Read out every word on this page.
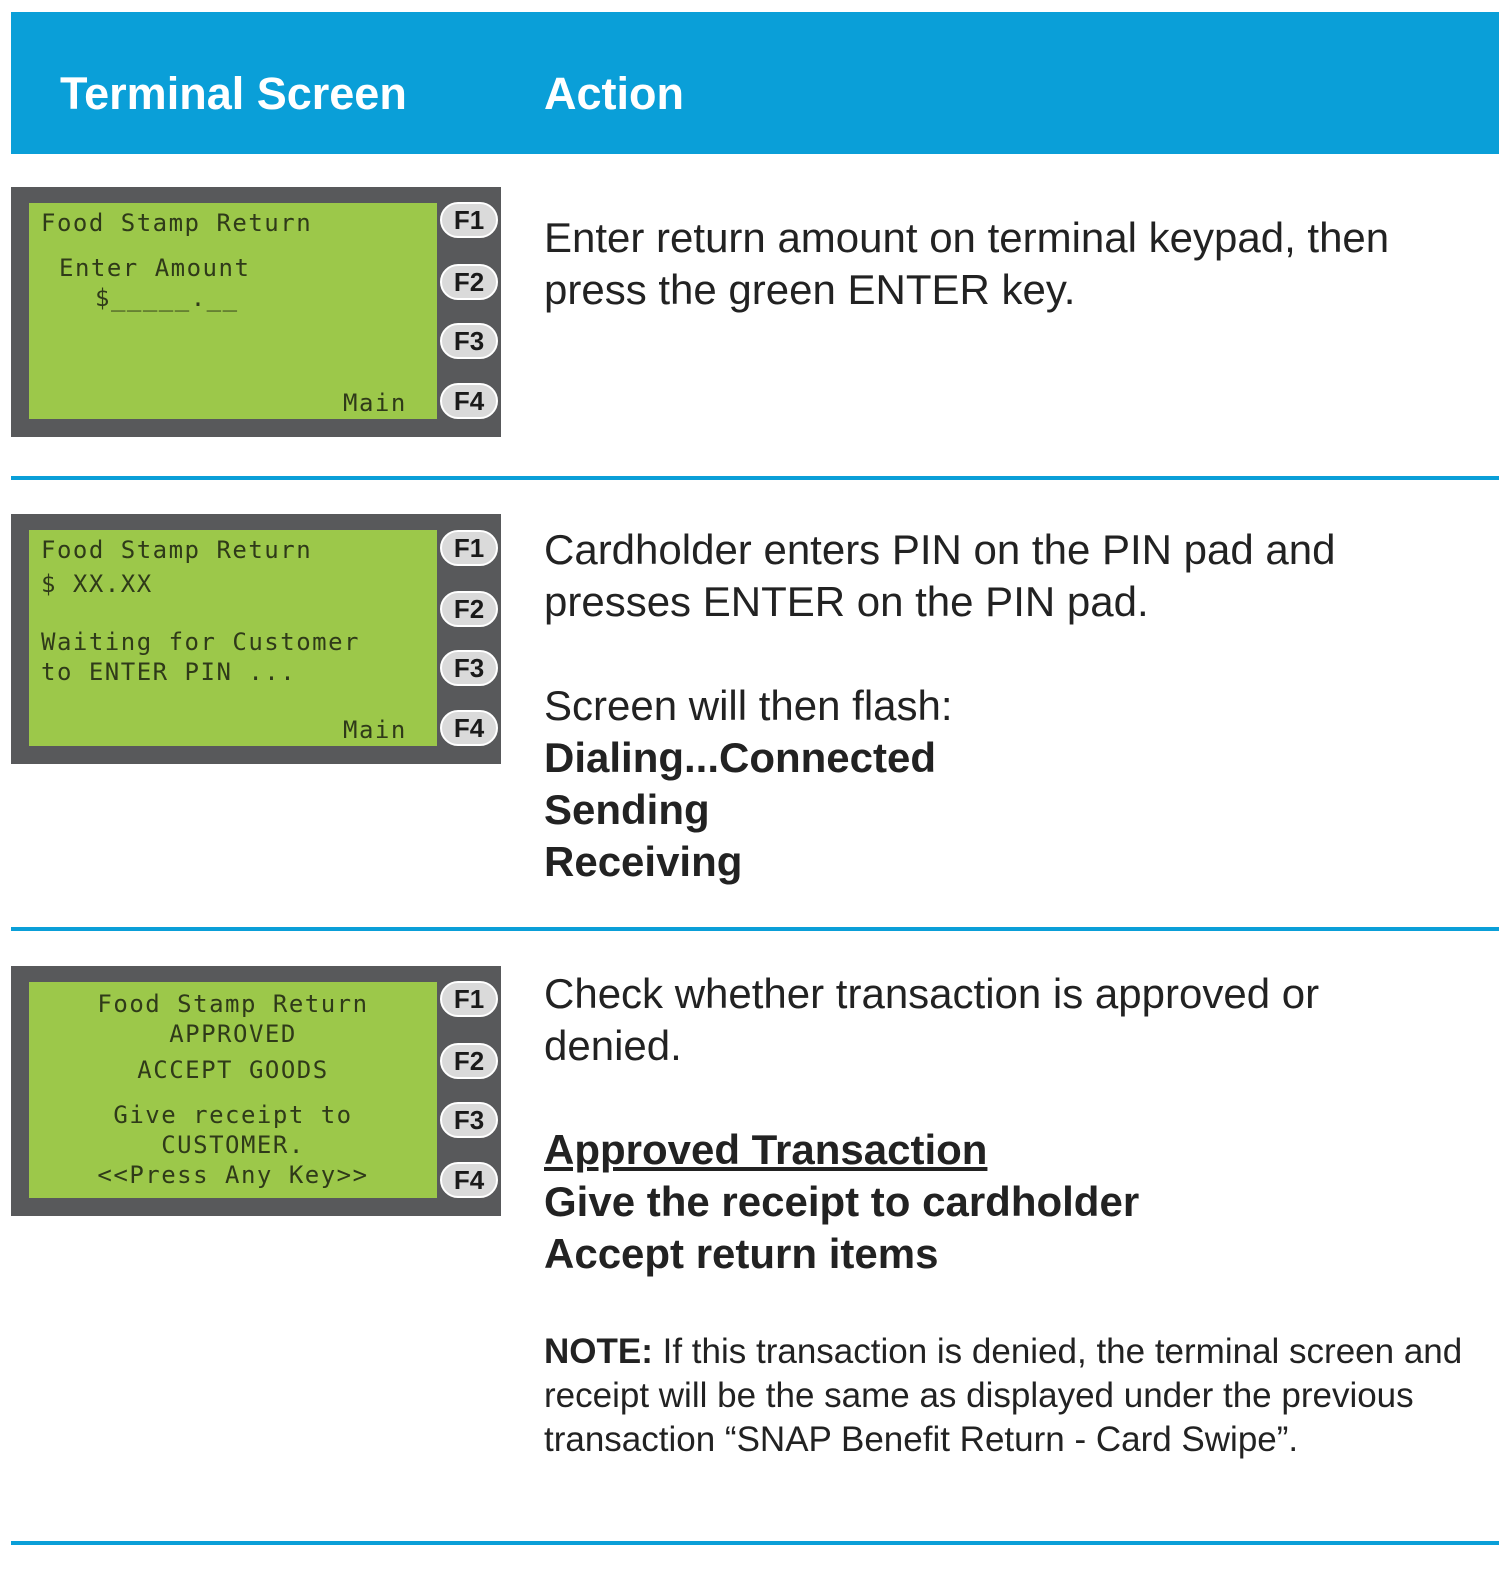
Terminal Screen	Action
Food Stamp Return
Enter Amount
$_____.__
Main
F1
F2
F3
F4

Enter return amount on terminal keypad, then press the green ENTER key.

Food Stamp Return
$ XX.XX
Waiting for Customer
to ENTER PIN ...
Main
F1
F2
F3
F4

Cardholder enters PIN on the PIN pad and presses ENTER on the PIN pad.

Screen will then flash:

Dialing...Connected

Sending

Receiving

Food Stamp Return
APPROVED
ACCEPT GOODS
Give receipt to
CUSTOMER.
<<Press Any Key>>
F1
F2
F3
F4

Check whether transaction is approved or denied.

Approved Transaction

Give the receipt to cardholder

Accept return items

NOTE: If this transaction is denied, the terminal screen and receipt will be the same as displayed under the previous transaction “SNAP Benefit Return - Card Swipe”.
